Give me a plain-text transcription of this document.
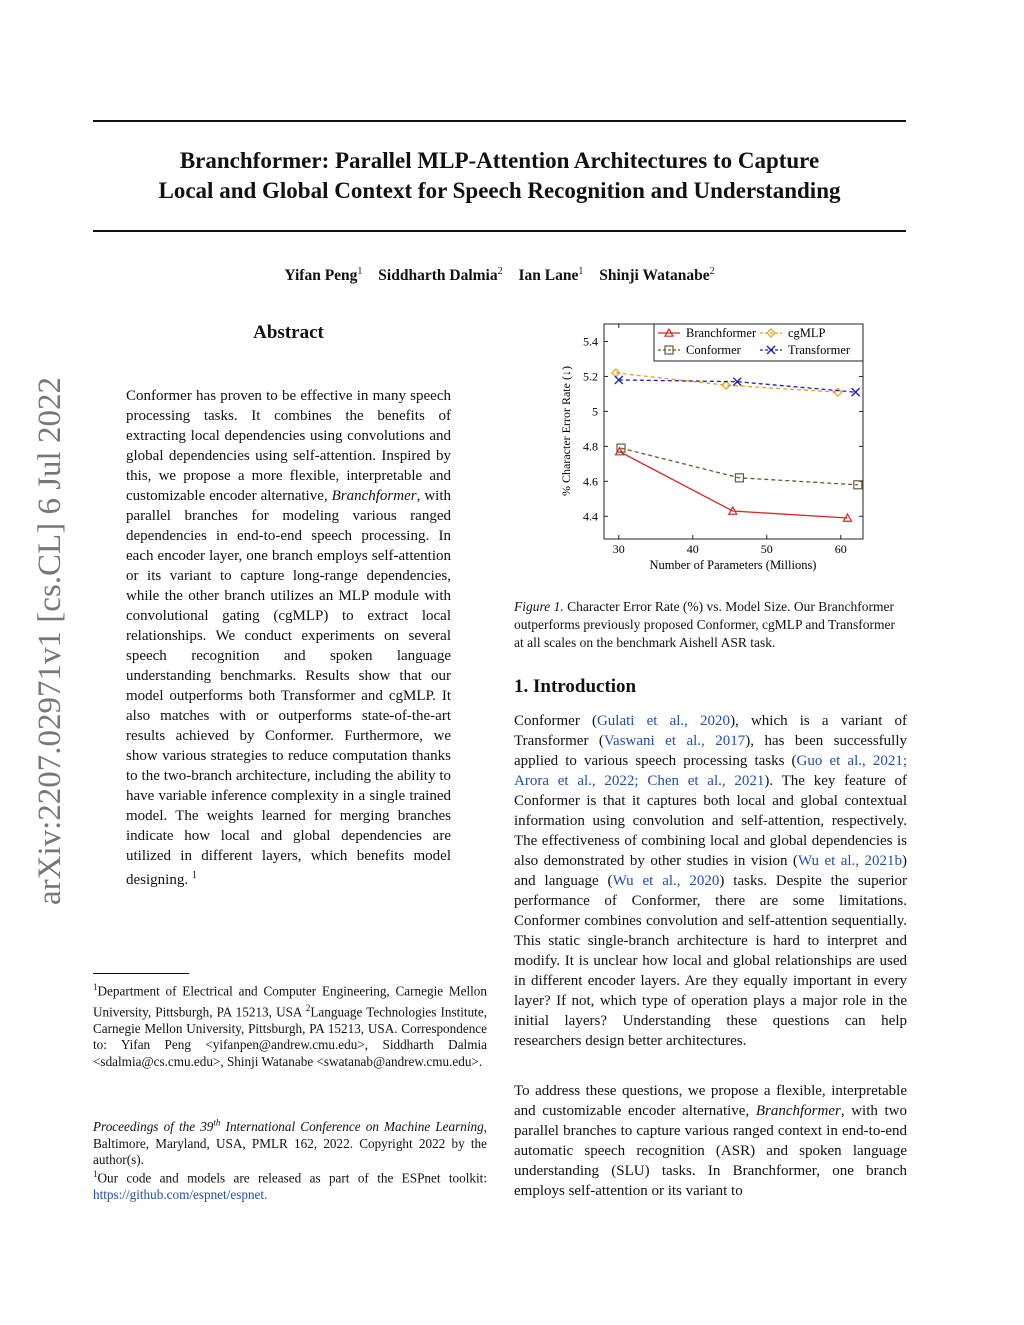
arXiv:2207.02971v1 [cs.CL] 6 Jul 2022
Branchformer: Parallel MLP-Attention Architectures to Capture
Local and Global Context for Speech Recognition and Understanding
Yifan Peng$^1$ Siddharth Dalmia$^2$ Ian Lane$^1$ Shinji Watanabe$^2$
Abstract
Conformer has proven to be effective in many speech processing tasks. It combines the benefits of extracting local dependencies using convolutions and global dependencies using self-attention. Inspired by this, we propose a more flexible, interpretable and customizable encoder alternative, Branchformer, with parallel branches for modeling various ranged dependencies in end-to-end speech processing. In each encoder layer, one branch employs self-attention or its variant to capture long-range dependencies, while the other branch utilizes an MLP module with convolutional gating (cgMLP) to extract local relationships. We conduct experiments on several speech recognition and spoken language understanding benchmarks. Results show that our model outperforms both Transformer and cgMLP. It also matches with or outperforms state-of-the-art results achieved by Conformer. Furthermore, we show various strategies to reduce computation thanks to the two-branch architecture, including the ability to have variable inference complexity in a single trained model. The weights learned for merging branches indicate how local and global dependencies are utilized in different layers, which benefits model designing. $^1$
$^1$Department of Electrical and Computer Engineering, Carnegie Mellon University, Pittsburgh, PA 15213, USA $^2$Language Technologies Institute, Carnegie Mellon University, Pittsburgh, PA 15213, USA. Correspondence to: Yifan Peng <yifanpen@andrew.cmu.edu>, Siddharth Dalmia <sdalmia@cs.cmu.edu>, Shinji Watanabe <swatanab@andrew.cmu.edu>.
Proceedings of the 39th International Conference on Machine Learning, Baltimore, Maryland, USA, PMLR 162, 2022. Copyright 2022 by the author(s).
$^1$Our code and models are released as part of the ESPnet toolkit: https://github.com/espnet/espnet.
4.4
4.6
4.8
5
5.2
5.4
30	40	50	60
Number of Parameters (Millions)
% Character Error Rate (↓)
Branchformer	cgMLP
Conformer	Transformer
Figure 1. Character Error Rate (%) vs. Model Size. Our Branchformer outperforms previously proposed Conformer, cgMLP and Transformer at all scales on the benchmark Aishell ASR task.
1. Introduction
Conformer (Gulati et al., 2020), which is a variant of Transformer (Vaswani et al., 2017), has been successfully applied to various speech processing tasks (Guo et al., 2021; Arora et al., 2022; Chen et al., 2021). The key feature of Conformer is that it captures both local and global contextual information using convolution and self-attention, respectively. The effectiveness of combining local and global dependencies is also demonstrated by other studies in vision (Wu et al., 2021b) and language (Wu et al., 2020) tasks. Despite the superior performance of Conformer, there are some limitations. Conformer combines convolution and self-attention sequentially. This static single-branch architecture is hard to interpret and modify. It is unclear how local and global relationships are used in different encoder layers. Are they equally important in every layer? If not, which type of operation plays a major role in the initial layers? Understanding these questions can help researchers design better architectures.
To address these questions, we propose a flexible, interpretable and customizable encoder alternative, Branchformer, with two parallel branches to capture various ranged context in end-to-end automatic speech recognition (ASR) and spoken language understanding (SLU) tasks. In Branchformer, one branch employs self-attention or its variant to
